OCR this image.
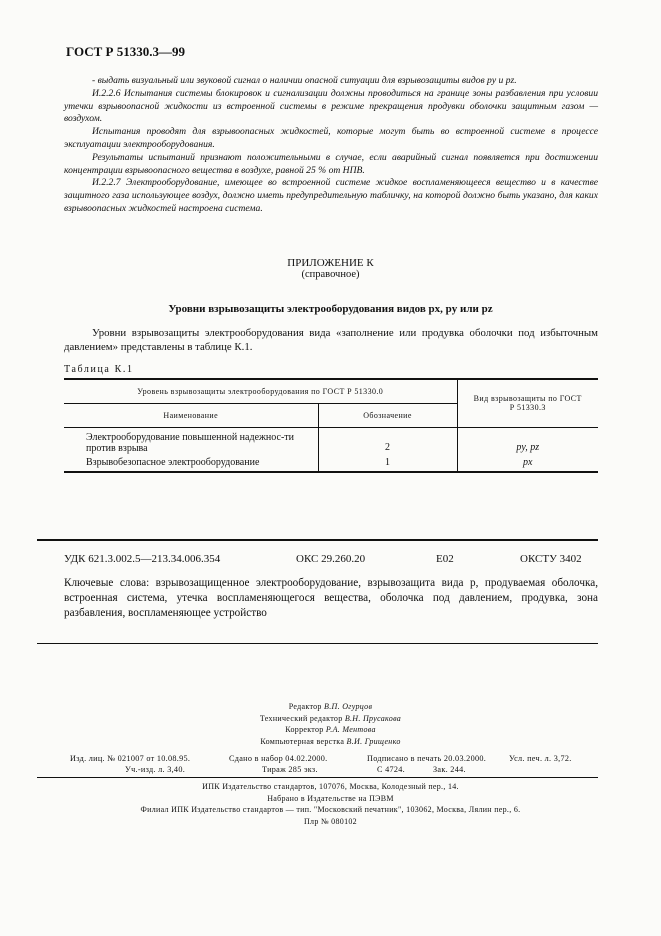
ГОСТ Р 51330.3—99

- выдать визуальный или звуковой сигнал о наличии опасной ситуации для взрывозащиты видов py и pz.

И.2.2.6 Испытания системы блокировок и сигнализации должны проводиться на границе зоны разбавления при условии утечки взрывоопасной жидкости из встроенной системы в режиме прекращения продувки оболочки защитным газом — воздухом.

Испытания проводят для взрывоопасных жидкостей, которые могут быть во встроенной системе в процессе эксплуатации электрооборудования.

Результаты испытаний признают положительными в случае, если аварийный сигнал появляется при достижении концентрации взрывоопасного вещества в воздухе, равной 25 % от НПВ.

И.2.2.7 Электрооборудование, имеющее во встроенной системе жидкое воспламеняющееся вещество и в качестве защитного газа использующее воздух, должно иметь предупредительную табличку, на которой должно быть указано, для каких взрывоопасных жидкостей настроена система.

ПРИЛОЖЕНИЕ К
(справочное)
Уровни взрывозащиты электрооборудования видов px, py или pz
Уровни взрывозащиты электрооборудования вида «заполнение или продувка оболочки под избыточным давлением» представлены в таблице К.1.
Таблица К.1
Уровень взрывозащиты электрооборудования по ГОСТ Р 51330.0		Вид взрывозащиты по ГОСТ Р 51330.3
Наименование	Обозначение	
Электрооборудование повышенной надежнос-ти против взрыва	2	py, pz
Взрывобезопасное электрооборудование	1	px
УДК 621.3.002.5—213.34.006.354	ОКС 29.260.20	Е02	ОКСТУ 3402
Ключевые слова: взрывозащищенное электрооборудование, взрывозащита вида p, продуваемая оболочка, встроенная система, утечка воспламеняющегося вещества, оболочка под давлением, продувка, зона разбавления, воспламеняющее устройство
Редактор В.П. Огурцов
Технический редактор В.Н. Прусакова
Корректор Р.А. Ментова
Компьютерная верстка В.И. Грищенко
Изд. лиц. № 021007 от 10.08.95.	Сдано в набор 04.02.2000.	Подписано в печать 20.03.2000.	Усл. печ. л. 3,72.
Уч.-изд. л. 3,40.	Тираж 285 экз.	С 4724.	Зак. 244.
ИПК Издательство стандартов, 107076, Москва, Колодезный пер., 14.
Набрано в Издательстве на ПЭВМ
Филиал ИПК Издательство стандартов — тип. "Московский печатник", 103062, Москва, Лялин пер., 6.
Плр № 080102
